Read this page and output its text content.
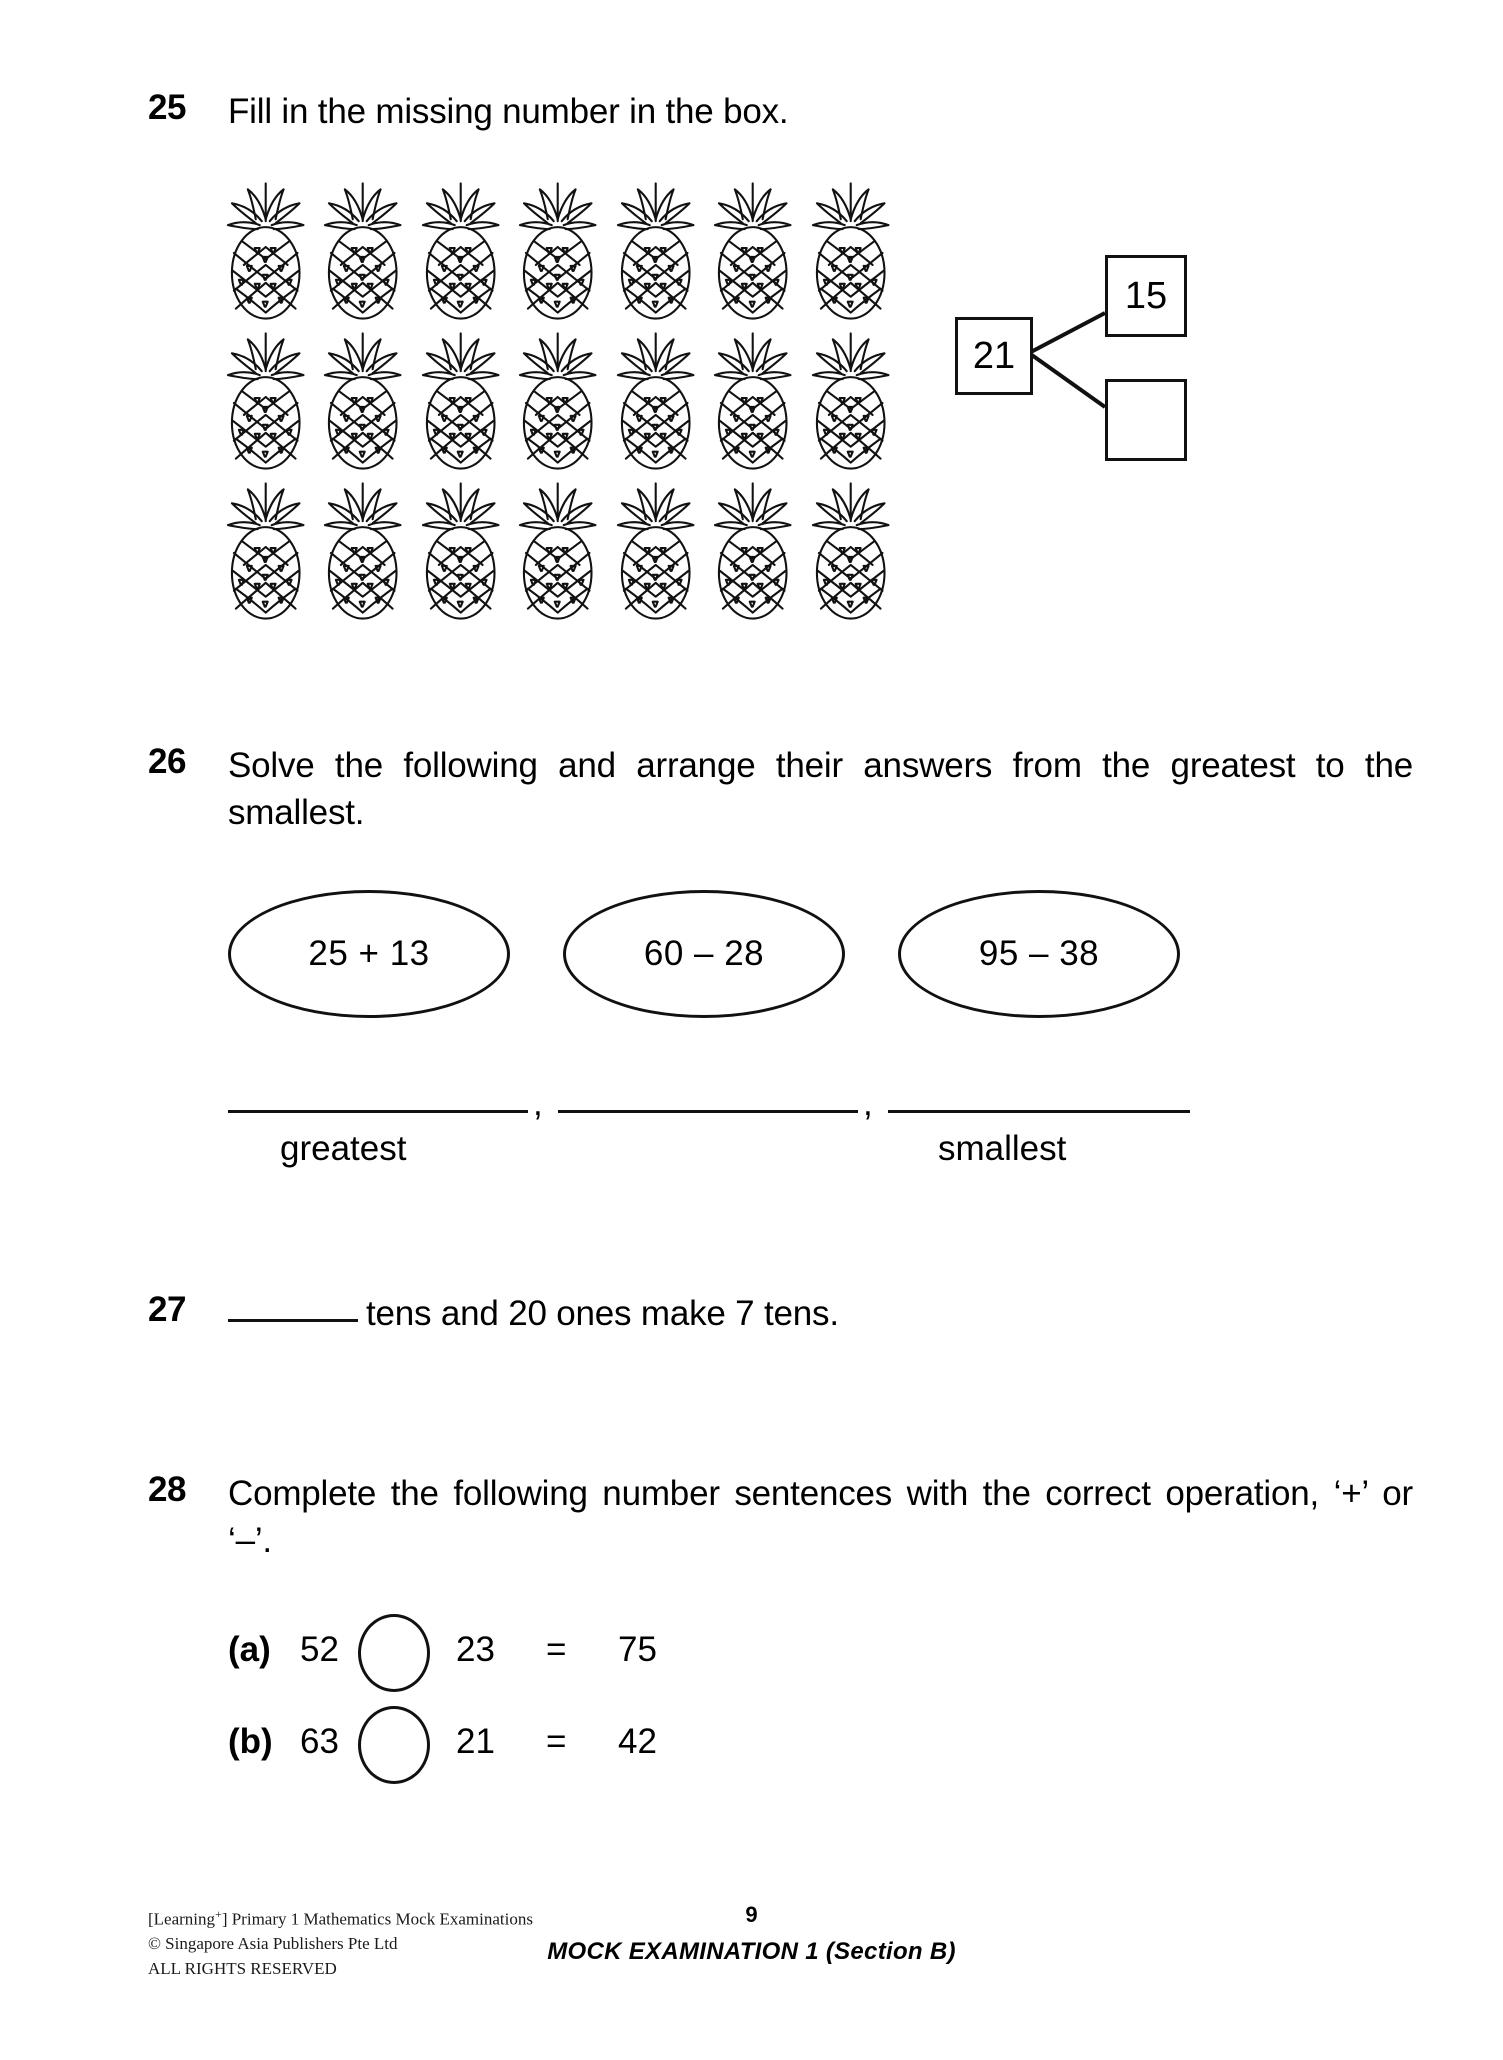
25	Fill in the missing number in the box.
21
15
26	Solve the following and arrange their answers from the greatest to the smallest.
25 + 13	60 – 28	95 – 38
,	,
greatest	smallest
27	tens and 20 ones make 7 tens.
28	Complete the following number sentences with the correct operation, ‘+’ or ‘–’.
(a) 52	23 = 75
(b) 63	21 = 42
[Learning+] Primary 1 Mathematics Mock Examinations
© Singapore Asia Publishers Pte Ltd
ALL RIGHTS RESERVED
9
MOCK EXAMINATION 1 (Section B)
